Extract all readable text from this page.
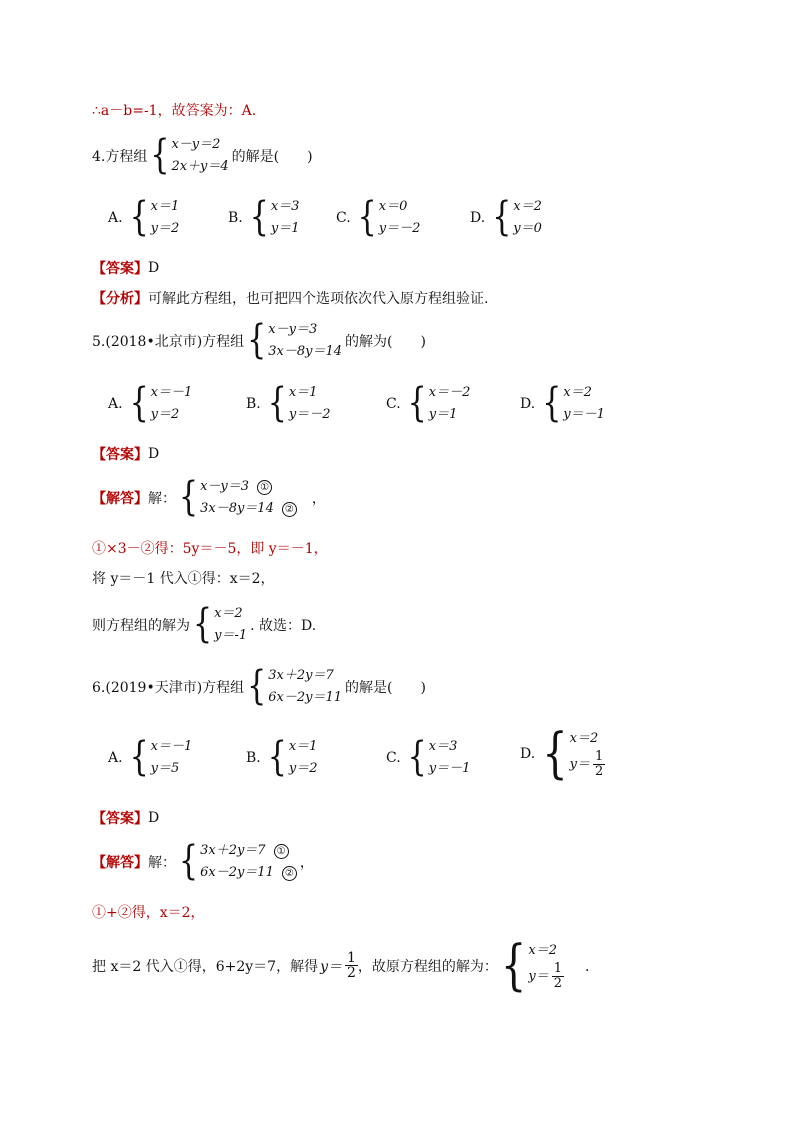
∴a－b=-1，故答案为：A.
4.方程组 { x－y＝2
2x＋y＝4
的解是(　　)
A. { x＝1
y＝2
B. { x＝3
y＝1
C. { x＝0
y＝－2
D. { x＝2
y＝0
【答案】 D
【分析】 可解此方程组，也可把四个选项依次代入原方程组验证.
5.(2018•北京市)方程组 { x－y＝3
3x－8y＝14
的解为(　　)
A. { x＝－1
y＝2
B. { x＝1
y＝－2
C. { x＝－2
y＝1
D. { x＝2
y＝－1
【答案】 D
【解答】 解： { x－y＝3 ①
3x－8y＝14 ②
，
①×3－②得：5y＝－5，即 y＝－1，
将 y＝－1 代入①得：x＝2，
则方程组的解为 { x＝2
y＝-1
. 故选：D.
6.(2019•天津市)方程组 { 3x＋2y＝7
6x－2y＝11
的解是(　　)
A. { x＝－1
y＝5
B. { x＝1
y＝2
C. { x＝3
y＝－1
D. { x＝2
$y= \frac{1}{2}$
【答案】 D
【解答】 解： { 3x＋2y＝7 ①
6x－2y＝11 ②
，
①+②得，x＝2，
把 x＝2 代入①得，6+2y＝7，解得 $y= \frac{1}{2}$ ，故原方程组的解为： { x＝2
$y= \frac{1}{2}$ ．
